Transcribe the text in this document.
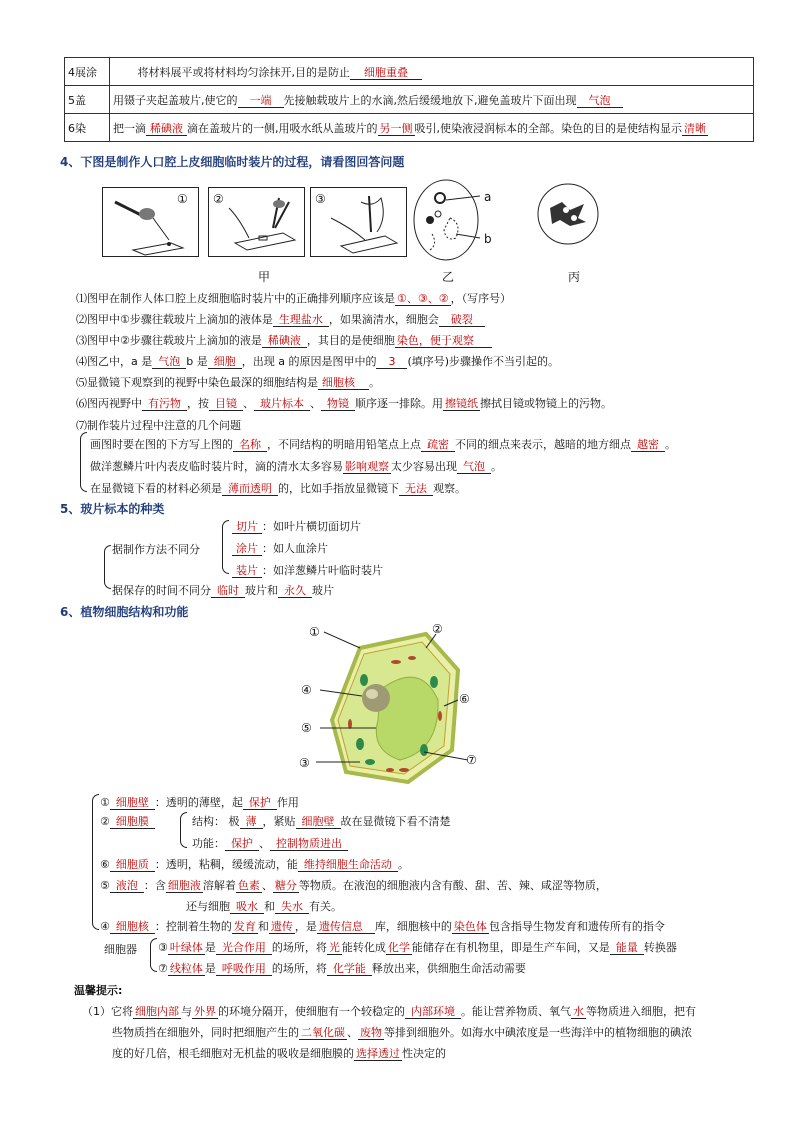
4展涂	将材料展平或将材料均匀涂抹开,目的是防止 细胞重叠
5盖	用镊子夹起盖玻片,使它的 一端 先接触载玻片上的水滴,然后缓缓地放下,避免盖玻片下面出现 气泡
6染	把一滴 稀碘液 滴在盖玻片的一侧,用吸水纸从盖玻片的 另一侧 吸引,使染液浸润标本的全部。染色的目的是使结构显示 清晰
4、下图是制作人口腔上皮细胞临时装片的过程，请看图回答问题
① ②	③	a
b
甲	乙	丙
⑴图甲在制作人体口腔上皮细胞临时装片中的正确排列顺序应该是 ①、③、② ，（写序号）
⑵图甲中①步骤往载玻片上滴加的液体是 生理盐水 ，如果滴清水，细胞会 破裂
⑶图甲中②步骤往载玻片上滴加的液是 稀碘液 ，其目的是使细胞 染色，便于观察
⑷图乙中，a 是 气泡 b 是 细胞 ，出现 a 的原因是图甲中的 3 (填序号)步骤操作不当引起的。
⑸显微镜下观察到的视野中染色最深的细胞结构是 细胞核 。
⑹图丙视野中 有污物 ，按 目镜 、 玻片标本 、 物镜 顺序逐一排除。用 擦镜纸 擦拭目镜或物镜上的污物。
⑺制作装片过程中注意的几个问题
画图时要在图的下方写上图的 名称 ，不同结构的明暗用铅笔点上点 疏密 不同的细点来表示，越暗的地方细点 越密 。
做洋葱鳞片叶内表皮临时装片时，滴的清水太多容易 影响观察 太少容易出现 气泡 。
在显微镜下看的材料必须是 薄而透明 的，比如手指放显微镜下 无法 观察。
5、玻片标本的种类
据制作方法不同分
切片 ：如叶片横切面切片
涂片 ：如人血涂片
装片 ：如洋葱鳞片叶临时装片
据保存的时间不同分 临时 玻片和 永久 玻片
6、植物细胞结构和功能
①	②
③
④
⑤
⑥
⑦
① 细胞壁 ：透明的薄壁，起 保护 作用
② 细胞膜	结构： 极 薄 ，紧贴 细胞壁 故在显微镜下看不清楚
功能： 保护 、 控制物质进出
⑥ 细胞质 ：透明，粘稠，缓缓流动，能 维持细胞生命活动 。
⑤ 液泡 ：含 细胞液 溶解着 色素 、 糖分 等物质。在液泡的细胞液内含有酸、甜、苦、辣、咸涩等物质，
还与细胞 吸水 和 失水 有关。
④ 细胞核 ：控制着生物的 发育 和 遗传 ，是 遗传信息 库，细胞核中的 染色体 包含指导生物发育和遗传所有的指令
细胞器 ③ 叶绿体 是 光合作用 的场所，将 光 能转化成 化学 能储存在有机物里，即是生产车间，又是 能量 转换器
⑦ 线粒体 是 呼吸作用 的场所，将 化学能 释放出来，供细胞生命活动需要
温馨提示:
（1）它将 细胞内部 与 外界 的环境分隔开，使细胞有一个较稳定的 内部环境 。能让营养物质、氧气 水 等物质进入细胞，把有
些物质挡在细胞外，同时把细胞产生的 二氧化碳 、 废物 等排到细胞外。如海水中碘浓度是一些海洋中的植物细胞的碘浓
度的好几倍，根毛细胞对无机盐的吸收是细胞膜的 选择透过 性决定的
